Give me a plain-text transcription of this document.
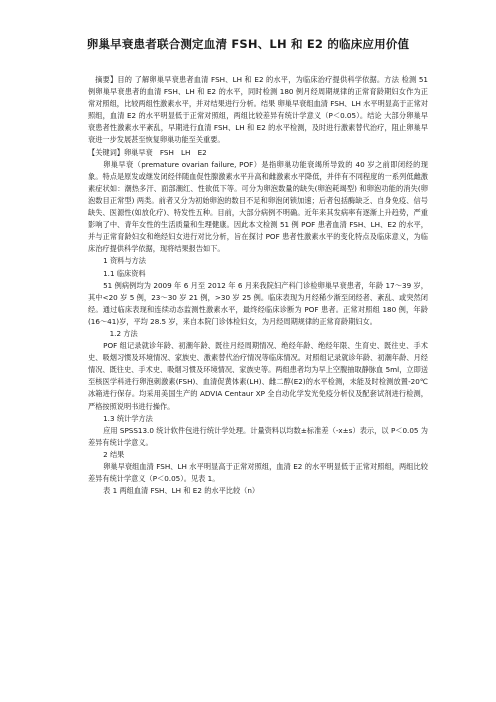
卵巢早衰患者联合测定血清 FSH、LH 和 E2 的临床应用价值

摘要】目的 了解卵巢早衰患者血清 FSH、LH 和 E2 的水平，为临床治疗提供科学依据。方法 检测 51 例卵巢早衰患者的血清 FSH、LH 和 E2 的水平，同时检测 180 例月经周期规律的正常育龄期妇女作为正常对照组，比较两组性激素水平，并对结果进行分析。结果 卵巢早衰组血清 FSH、LH 水平明显高于正常对照组，血清 E2 的水平明显低于正常对照组，两组比较差异有统计学意义（P＜0.05）。结论 大部分卵巢早衰患者性激素水平紊乱，早期进行血清 FSH、LH 和 E2 的水平检测，及时进行激素替代治疗，阻止卵巢早衰进一步发展甚至恢复卵巢功能至关重要。

【关键词】卵巢早衰　FSH　LH　E2

卵巢早衰（premature ovarian failure, POF）是指卵巢功能衰竭所导致的 40 岁之前即闭经的现象。特点是原发或继发闭经伴随血促性腺激素水平升高和雌激素水平降低，并伴有不同程度的一系列低雌激素症状如：潮热多汗、面部潮红、性欲低下等。可分为卵泡数量的缺失(卵泡耗竭型) 和卵泡功能的消失(卵泡数目正常型) 两类。前者又分为初始卵泡的数目不足和卵泡闭锁加速；后者包括酶缺乏、自身免疫、信号缺失、医源性(如放化疗)、特发性五种。目前，大部分病例不明确。近年来其发病率有逐渐上升趋势，严重影响了中、青年女性的生活质量和生理健康。因此本文检测 51 例 POF 患者血清 FSH、LH、E2 的水平，并与正常育龄妇女和绝经妇女进行对比分析，旨在探讨 POF 患者性激素水平的变化特点及临床意义，为临床治疗提供科学依据，现将结果报告如下。

1 资料与方法

1.1 临床资料

51 例病例均为 2009 年 6 月至 2012 年 6 月来我院妇产科门诊检卵巢早衰患者，年龄 17～39 岁，其中<20 岁 5 例，23～30 岁 21 例，>30 岁 25 例。临床表现为月经稀少渐至闭经者、紊乱、或突然闭经。通过临床表现和连续动态监测性激素水平，最终经临床诊断为 POF 患者。正常对照组 180 例，年龄(16～41)岁，平均 28.5 岁，来自本院门诊体检妇女，为月经周期规律的正常育龄期妇女。

1.2 方法

POF 组记录就诊年龄、初潮年龄、既往月经周期情况、绝经年龄、绝经年限、生育史、既往史、手术史、吸烟习惯及环境情况、家族史、激素替代治疗情况等临床情况。对照组记录就诊年龄、初潮年龄、月经情况、既往史、手术史、吸烟习惯及环境情况、家族史等。两组患者均为早上空腹抽取静脉血 5ml，立即送至核医学科进行卵泡刺激素(FSH)、血清促黄体素(LH)、雌二醇(E2)的水平检测，未能及时检测放置-20℃冰箱进行保存。均采用美国生产的 ADVIA Centaur XP 全自动化学发光免疫分析仪及配套试剂进行检测，严格按照说明书进行操作。

1.3 统计学方法

应用 SPSS13.0 统计软件包进行统计学处理。计量资料以均数±标准差（-x±s）表示，以 P＜0.05 为差异有统计学意义。

2 结果

卵巢早衰组血清 FSH、LH 水平明显高于正常对照组，血清 E2 的水平明显低于正常对照组，两组比较差异有统计学意义（P＜0.05）。见表 1。

表 1 两组血清 FSH、LH 和 E2 的水平比较（n）
